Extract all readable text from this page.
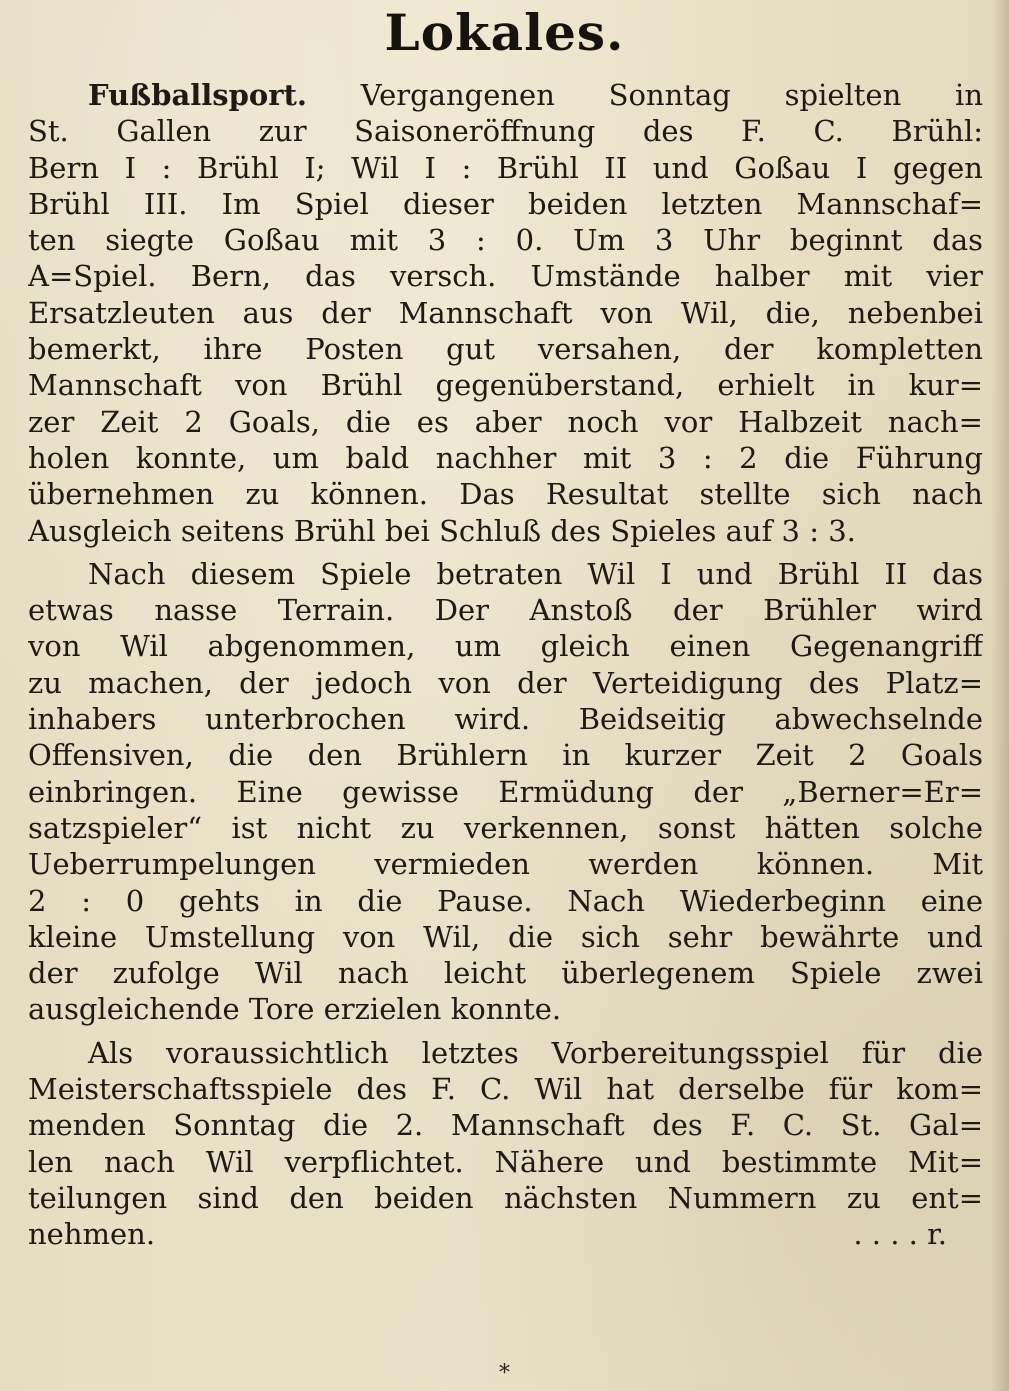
Lokales.
Fußballsport. Vergangenen Sonntag spielten in
St. Gallen zur Saisoneröffnung des F. C. Brühl:
Bern I : Brühl I; Wil I : Brühl II und Goßau I gegen
Brühl III. Im Spiel dieser beiden letzten Mannschaf=
ten siegte Goßau mit 3 : 0. Um 3 Uhr beginnt das
A=Spiel. Bern, das versch. Umstände halber mit vier
Ersatzleuten aus der Mannschaft von Wil, die, nebenbei
bemerkt, ihre Posten gut versahen, der kompletten
Mannschaft von Brühl gegenüberstand, erhielt in kur=
zer Zeit 2 Goals, die es aber noch vor Halbzeit nach=
holen konnte, um bald nachher mit 3 : 2 die Führung
übernehmen zu können. Das Resultat stellte sich nach
Ausgleich seitens Brühl bei Schluß des Spieles auf 3 : 3.
Nach diesem Spiele betraten Wil I und Brühl II das
etwas nasse Terrain. Der Anstoß der Brühler wird
von Wil abgenommen, um gleich einen Gegenangriff
zu machen, der jedoch von der Verteidigung des Platz=
inhabers unterbrochen wird. Beidseitig abwechselnde
Offensiven, die den Brühlern in kurzer Zeit 2 Goals
einbringen. Eine gewisse Ermüdung der „Berner=Er=
satzspieler“ ist nicht zu verkennen, sonst hätten solche
Ueberrumpelungen vermieden werden können. Mit
2 : 0 gehts in die Pause. Nach Wiederbeginn eine
kleine Umstellung von Wil, die sich sehr bewährte und
der zufolge Wil nach leicht überlegenem Spiele zwei
ausgleichende Tore erzielen konnte.
Als voraussichtlich letztes Vorbereitungsspiel für die
Meisterschaftsspiele des F. C. Wil hat derselbe für kom=
menden Sonntag die 2. Mannschaft des F. C. St. Gal=
len nach Wil verpflichtet. Nähere und bestimmte Mit=
teilungen sind den beiden nächsten Nummern zu ent=
nehmen.	. . . . r.
*
